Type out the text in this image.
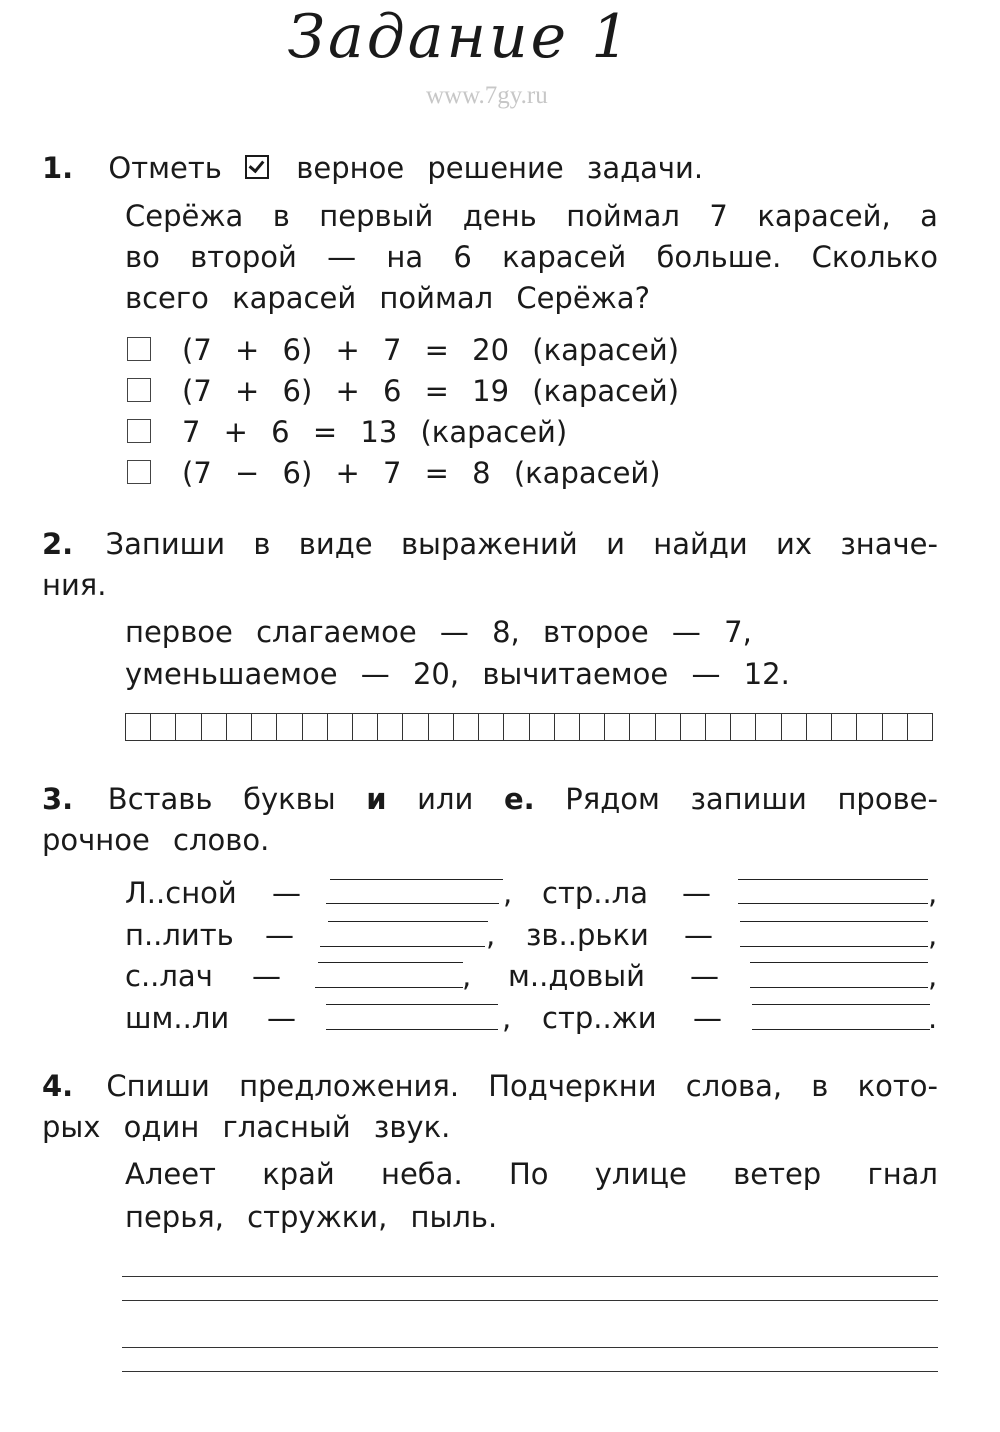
Задание 1
www.7gy.ru
1. Отметь	верное решение задачи.
Серёжа в первый день поймал 7 карасей, а
во второй — на 6 карасей больше. Сколько
всего карасей поймал Серёжа?
(7 + 6) + 7 = 20 (карасей)
(7 + 6) + 6 = 19 (карасей)
7 + 6 = 13 (карасей)
(7 − 6) + 7 = 8 (карасей)
2. Запиши в виде выражений и найди их значе-
ния.
первое слагаемое — 8, второе — 7,
уменьшаемое — 20, вычитаемое — 12.
3. Вставь буквы и или е. Рядом запиши прове-
рочное слово.
Л..сной —	, стр..ла —	,
п..лить —	, зв..рьки —	,
с..лач —	, м..довый —	,
шм..ли —	, стр..жи —	.
4. Спиши предложения. Подчеркни слова, в кото-
рых один гласный звук.
Алеет край неба. По улице ветер гнал
перья, стружки, пыль.
